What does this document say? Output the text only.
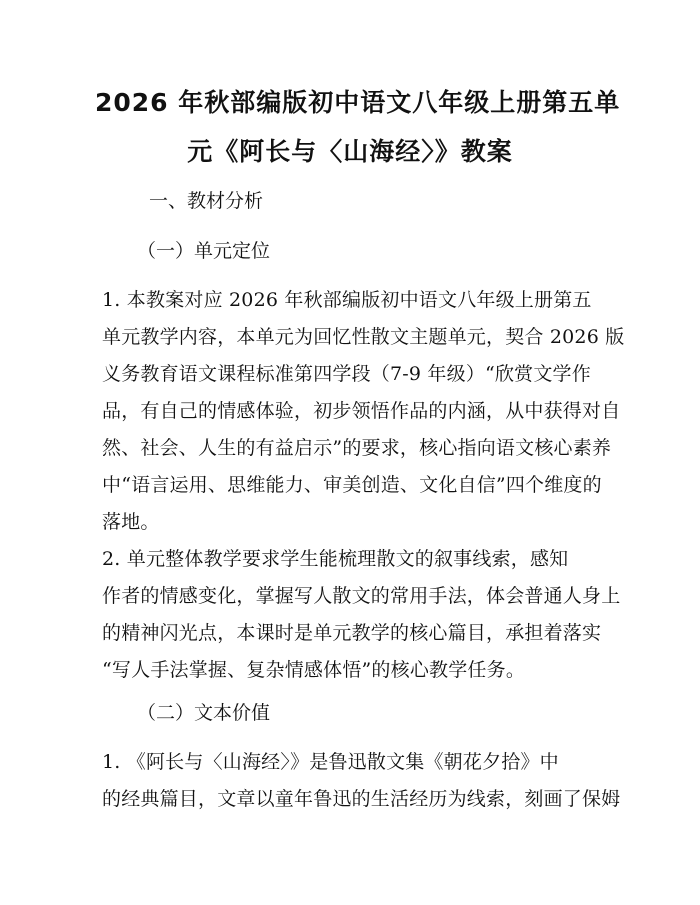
2026 年秋部编版初中语文八年级上册第五单
元《阿长与〈山海经〉》教案

一、教材分析

（一）单元定位

1. 本教案对应 2026 年秋部编版初中语文八年级上册第五
单元教学内容，本单元为回忆性散文主题单元，契合 2026 版
义务教育语文课程标准第四学段（7-9 年级）“欣赏文学作
品，有自己的情感体验，初步领悟作品的内涵，从中获得对自
然、社会、人生的有益启示”的要求，核心指向语文核心素养
中“语言运用、思维能力、审美创造、文化自信”四个维度的
落地。
2. 单元整体教学要求学生能梳理散文的叙事线索，感知
作者的情感变化，掌握写人散文的常用手法，体会普通人身上
的精神闪光点，本课时是单元教学的核心篇目，承担着落实
“写人手法掌握、复杂情感体悟”的核心教学任务。

（二）文本价值

1. 《阿长与〈山海经〉》是鲁迅散文集《朝花夕拾》中
的经典篇目，文章以童年鲁迅的生活经历为线索，刻画了保姆
